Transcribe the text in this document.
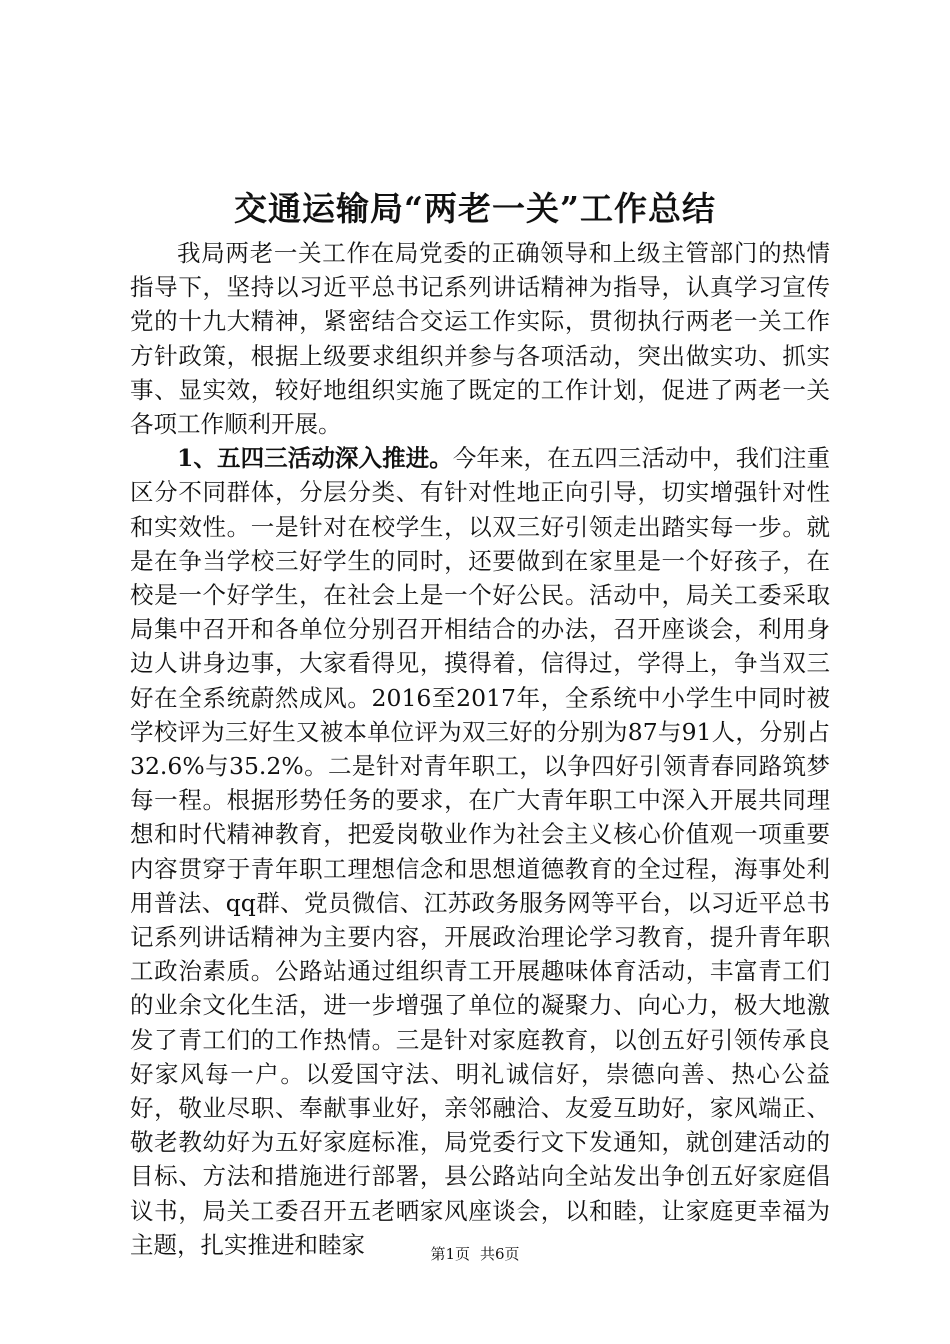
交通运输局“两老一关”工作总结

我局两老一关工作在局党委的正确领导和上级主管部门的热情指导下，坚持以习近平总书记系列讲话精神为指导，认真学习宣传党的十九大精神，紧密结合交运工作实际，贯彻执行两老一关工作方针政策，根据上级要求组织并参与各项活动，突出做实功、抓实事、显实效，较好地组织实施了既定的工作计划，促进了两老一关各项工作顺利开展。

1、五四三活动深入推进。今年来，在五四三活动中，我们注重区分不同群体，分层分类、有针对性地正向引导，切实增强针对性和实效性。一是针对在校学生，以双三好引领走出踏实每一步。就是在争当学校三好学生的同时，还要做到在家里是一个好孩子，在校是一个好学生，在社会上是一个好公民。活动中，局关工委采取局集中召开和各单位分别召开相结合的办法，召开座谈会，利用身边人讲身边事，大家看得见，摸得着，信得过，学得上，争当双三好在全系统蔚然成风。2016至2017年，全系统中小学生中同时被学校评为三好生又被本单位评为双三好的分别为87与91人，分别占32.6%与35.2%。二是针对青年职工，以争四好引领青春同路筑梦每一程。根据形势任务的要求，在广大青年职工中深入开展共同理想和时代精神教育，把爱岗敬业作为社会主义核心价值观一项重要内容贯穿于青年职工理想信念和思想道德教育的全过程，海事处利用普法、qq群、党员微信、江苏政务服务网等平台，以习近平总书记系列讲话精神为主要内容，开展政治理论学习教育，提升青年职工政治素质。公路站通过组织青工开展趣味体育活动，丰富青工们的业余文化生活，进一步增强了单位的凝聚力、向心力，极大地激发了青工们的工作热情。三是针对家庭教育，以创五好引领传承良好家风每一户。以爱国守法、明礼诚信好，崇德向善、热心公益好，敬业尽职、奉献事业好，亲邻融洽、友爱互助好，家风端正、敬老教幼好为五好家庭标准，局党委行文下发通知，就创建活动的目标、方法和措施进行部署，县公路站向全站发出争创五好家庭倡议书，局关工委召开五老晒家风座谈会，以和睦，让家庭更幸福为主题，扎实推进和睦家	第1页 共6页
